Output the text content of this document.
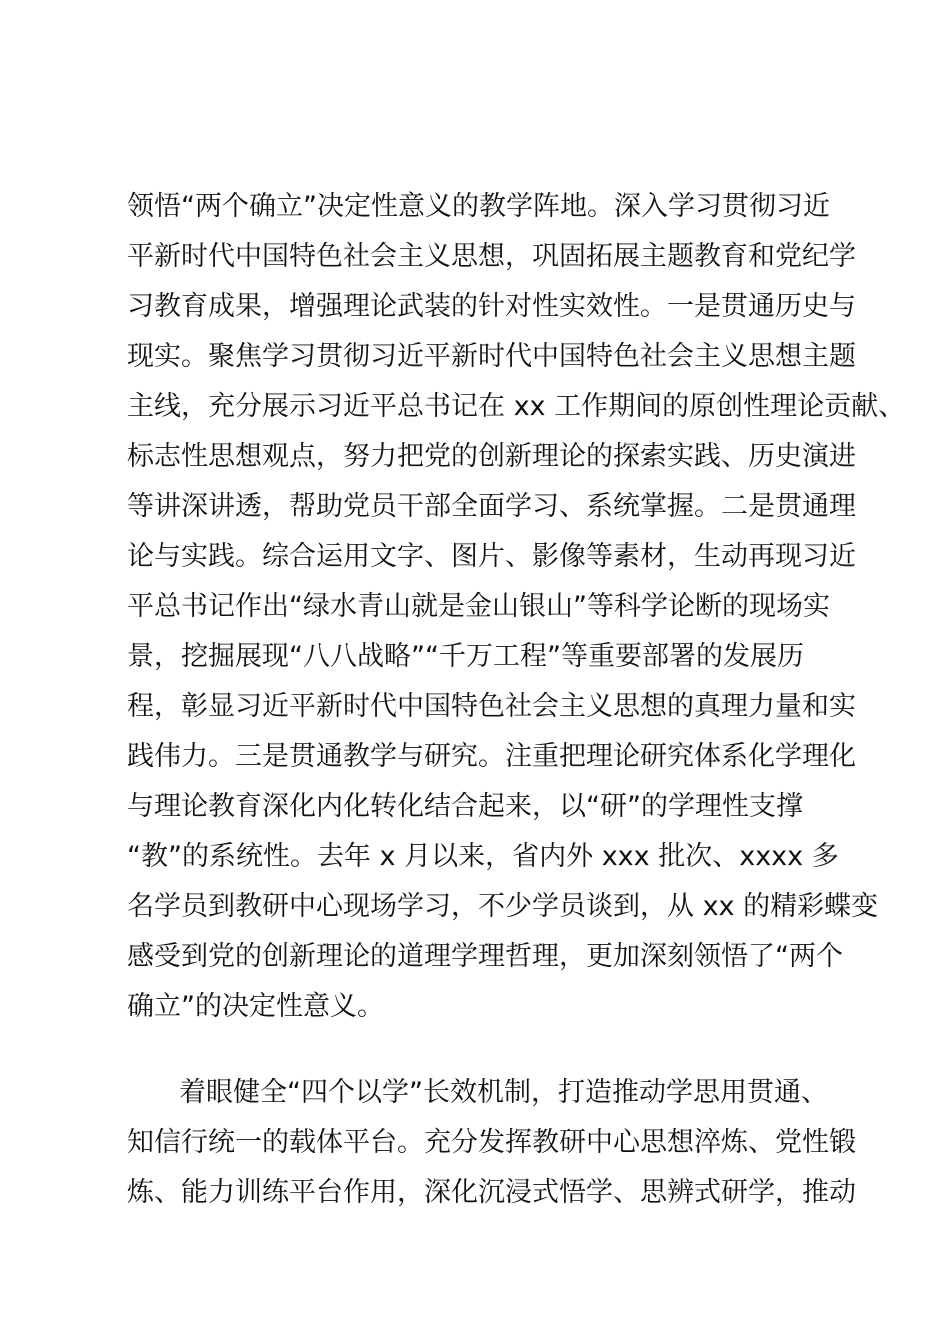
领悟“两个确立”决定性意义的教学阵地。深入学习贯彻习近
平新时代中国特色社会主义思想，巩固拓展主题教育和党纪学
习教育成果，增强理论武装的针对性实效性。一是贯通历史与
现实。聚焦学习贯彻习近平新时代中国特色社会主义思想主题
主线，充分展示习近平总书记在 xx 工作期间的原创性理论贡献、
标志性思想观点，努力把党的创新理论的探索实践、历史演进
等讲深讲透，帮助党员干部全面学习、系统掌握。二是贯通理
论与实践。综合运用文字、图片、影像等素材，生动再现习近
平总书记作出“绿水青山就是金山银山”等科学论断的现场实
景，挖掘展现“八八战略”“千万工程”等重要部署的发展历
程，彰显习近平新时代中国特色社会主义思想的真理力量和实
践伟力。三是贯通教学与研究。注重把理论研究体系化学理化
与理论教育深化内化转化结合起来，以“研”的学理性支撑
“教”的系统性。去年 x 月以来，省内外 xxx 批次、xxxx 多
名学员到教研中心现场学习，不少学员谈到，从 xx 的精彩蝶变
感受到党的创新理论的道理学理哲理，更加深刻领悟了“两个
确立”的决定性意义。
着眼健全“四个以学”长效机制，打造推动学思用贯通、
知信行统一的载体平台。充分发挥教研中心思想淬炼、党性锻
炼、能力训练平台作用，深化沉浸式悟学、思辨式研学，推动
